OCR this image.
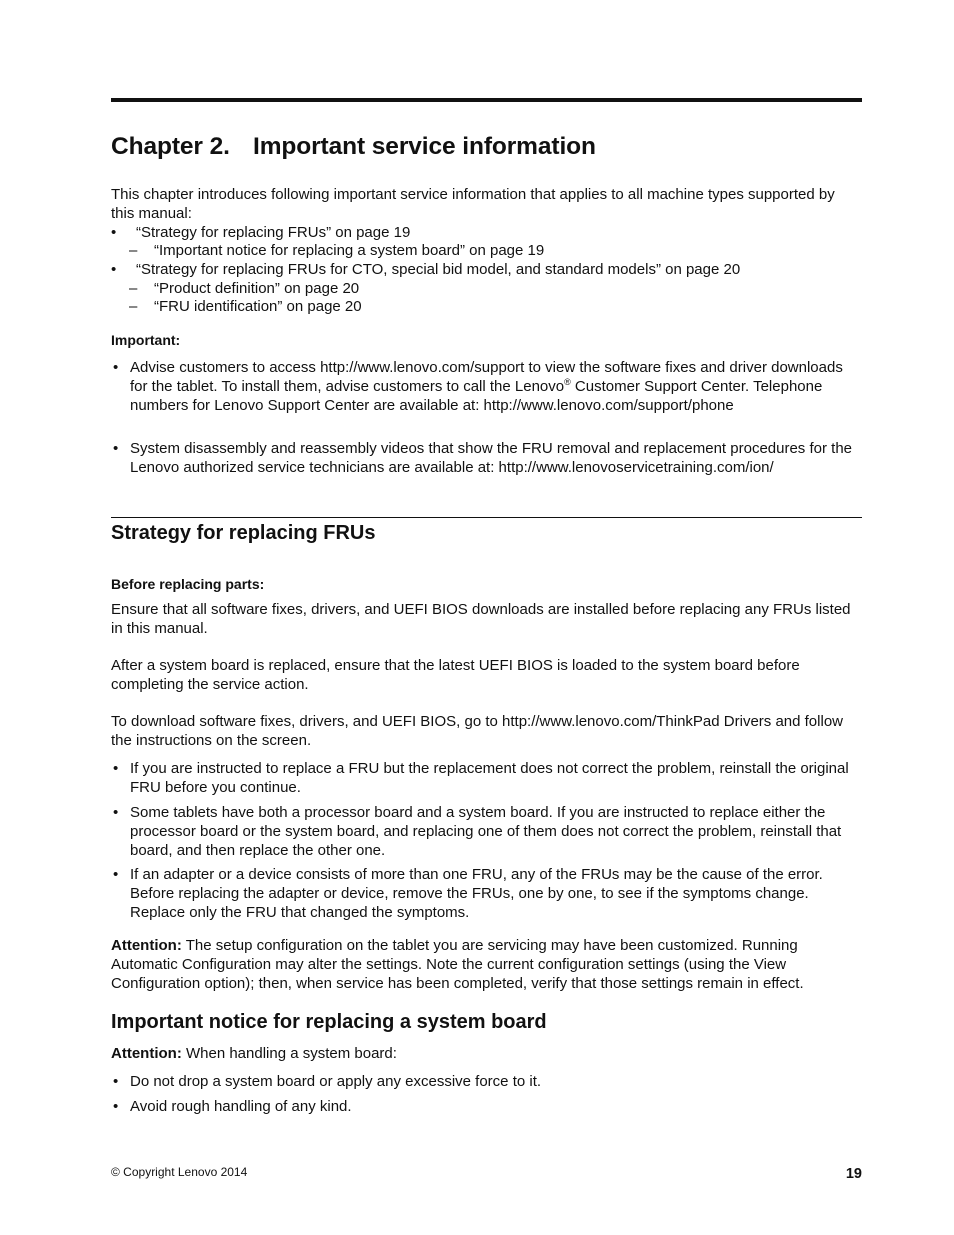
Chapter 2. Important service information

This chapter introduces following important service information that applies to all machine types supported by this manual:

• “Strategy for replacing FRUs” on page 19

– “Important notice for replacing a system board” on page 19

• “Strategy for replacing FRUs for CTO, special bid model, and standard models” on page 20

– “Product definition” on page 20

– “FRU identification” on page 20

Important:

• Advise customers to access http://www.lenovo.com/support to view the software fixes and driver downloads for the tablet. To install them, advise customers to call the Lenovo® Customer Support Center. Telephone numbers for Lenovo Support Center are available at: http://www.lenovo.com/support/phone

• System disassembly and reassembly videos that show the FRU removal and replacement procedures for the Lenovo authorized service technicians are available at: http://www.lenovoservicetraining.com/ion/

Strategy for replacing FRUs

Before replacing parts:

Ensure that all software fixes, drivers, and UEFI BIOS downloads are installed before replacing any FRUs listed in this manual.

After a system board is replaced, ensure that the latest UEFI BIOS is loaded to the system board before completing the service action.

To download software fixes, drivers, and UEFI BIOS, go to http://www.lenovo.com/ThinkPad Drivers and follow the instructions on the screen.

• If you are instructed to replace a FRU but the replacement does not correct the problem, reinstall the original FRU before you continue.

• Some tablets have both a processor board and a system board. If you are instructed to replace either the processor board or the system board, and replacing one of them does not correct the problem, reinstall that board, and then replace the other one.

• If an adapter or a device consists of more than one FRU, any of the FRUs may be the cause of the error. Before replacing the adapter or device, remove the FRUs, one by one, to see if the symptoms change. Replace only the FRU that changed the symptoms.

Attention: The setup configuration on the tablet you are servicing may have been customized. Running Automatic Configuration may alter the settings. Note the current configuration settings (using the View Configuration option); then, when service has been completed, verify that those settings remain in effect.

Important notice for replacing a system board

Attention: When handling a system board:

• Do not drop a system board or apply any excessive force to it.

• Avoid rough handling of any kind.

© Copyright Lenovo 2014	19
